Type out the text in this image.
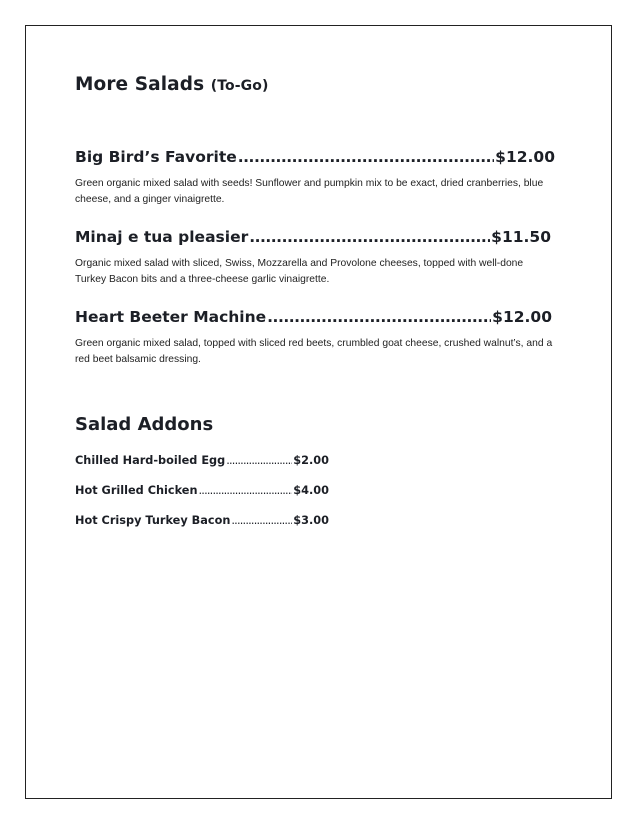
More Salads (To-Go)
Big Bird’s Favorite .....	$12.00
Green organic mixed salad with seeds! Sunflower and pumpkin mix to be exact, dried cranberries, blue cheese, and a ginger vinaigrette.
Minaj e tua pleasier .....	$11.50
Organic mixed salad with sliced, Swiss, Mozzarella and Provolone cheeses, topped with well-done Turkey Bacon bits and a three-cheese garlic vinaigrette.
Heart Beeter Machine .....	$12.00
Green organic mixed salad, topped with sliced red beets, crumbled goat cheese, crushed walnut’s, and a red beet balsamic dressing.
Salad Addons
Chilled Hard-boiled Egg .....	$2.00
Hot Grilled Chicken .....	$4.00
Hot Crispy Turkey Bacon .....	$3.00
